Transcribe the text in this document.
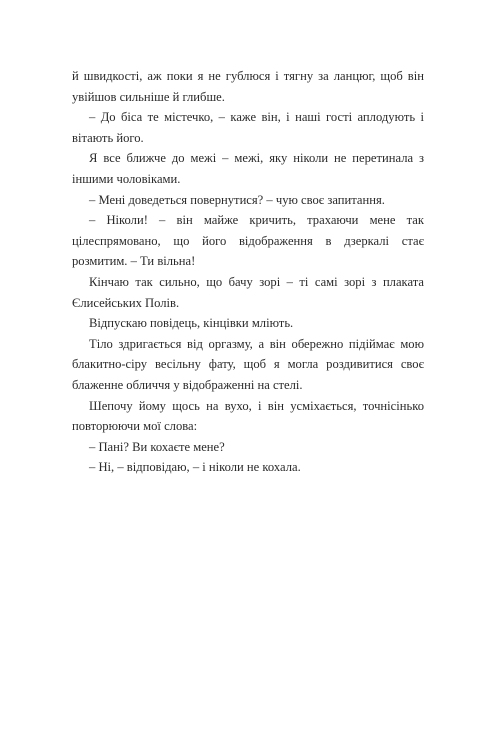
й швидкості, аж поки я не гублюся і тягну за ланцюг, щоб він увійшов сильніше й глибше.

– До біса те містечко, – каже він, і наші гості аплодують і вітають його.

Я все ближче до межі – межі, яку ніколи не перетинала з іншими чоловіками.

– Мені доведеться повернутися? – чую своє запитання.

– Ніколи! – він майже кричить, трахаючи мене так цілеспрямовано, що його відображення в дзеркалі стає розмитим. – Ти вільна!

Кінчаю так сильно, що бачу зорі – ті самі зорі з плаката Єлисейських Полів.

Відпускаю повідець, кінцівки мліють.

Тіло здригається від оргазму, а він обережно підіймає мою блакитно-сіру весільну фату, щоб я могла роздивитися своє блаженне обличчя у відображенні на стелі.

Шепочу йому щось на вухо, і він усміхається, точнісінько повторюючи мої слова:

– Пані? Ви кохаєте мене?

– Ні, – відповідаю, – і ніколи не кохала.
